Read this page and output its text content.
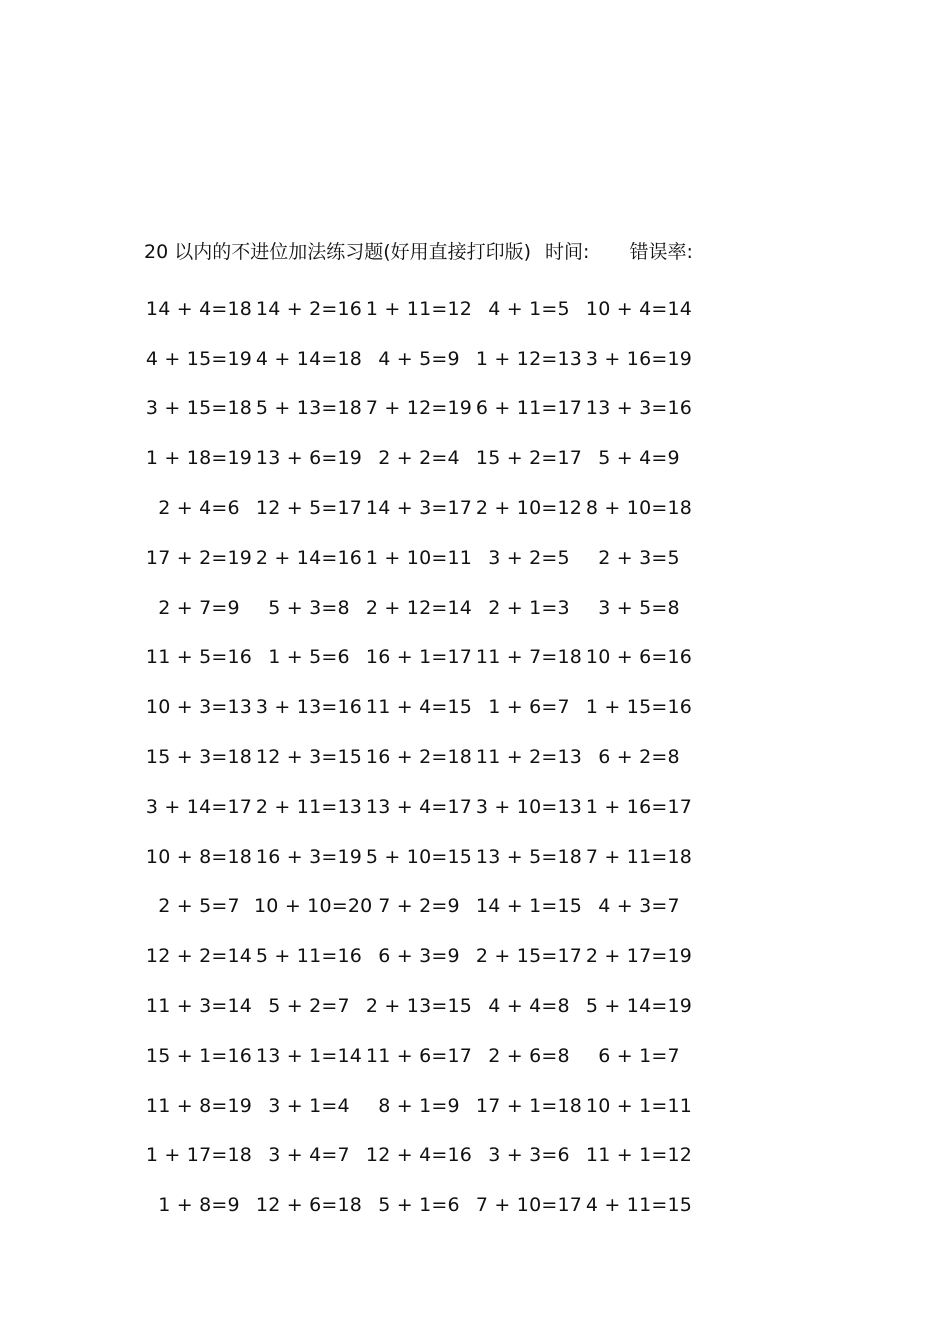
20 以内的不进位加法练习题(好用直接打印版) 时间: 错误率:
14 + 4=18 14 + 2=16 1 + 11=12 4 + 1=5 10 + 4=14
4 + 15=19 4 + 14=18 4 + 5=9 1 + 12=13 3 + 16=19
3 + 15=18 5 + 13=18 7 + 12=19 6 + 11=17 13 + 3=16
1 + 18=19 13 + 6=19 2 + 2=4 15 + 2=17 5 + 4=9
2 + 4=6 12 + 5=17 14 + 3=17 2 + 10=12 8 + 10=18
17 + 2=19 2 + 14=16 1 + 10=11 3 + 2=5	2 + 3=5
2 + 7=9	5 + 3=8 2 + 12=14 2 + 1=3	3 + 5=8
11 + 5=16 1 + 5=6 16 + 1=17 11 + 7=18 10 + 6=16
10 + 3=13 3 + 13=16 11 + 4=15 1 + 6=7 1 + 15=16
15 + 3=18 12 + 3=15 16 + 2=18 11 + 2=13 6 + 2=8
3 + 14=17 2 + 11=13 13 + 4=17 3 + 10=13 1 + 16=17
10 + 8=18 16 + 3=19 5 + 10=15 13 + 5=18 7 + 11=18
2 + 5=7 10 + 10=20 7 + 2=9 14 + 1=15 4 + 3=7
12 + 2=14 5 + 11=16 6 + 3=9 2 + 15=17 2 + 17=19
11 + 3=14 5 + 2=7 2 + 13=15 4 + 4=8 5 + 14=19
15 + 1=16 13 + 1=14 11 + 6=17 2 + 6=8	6 + 1=7
11 + 8=19 3 + 1=4	8 + 1=9 17 + 1=18 10 + 1=11
1 + 17=18 3 + 4=7 12 + 4=16 3 + 3=6 11 + 1=12
1 + 8=9 12 + 6=18 5 + 1=6 7 + 10=17 4 + 11=15
